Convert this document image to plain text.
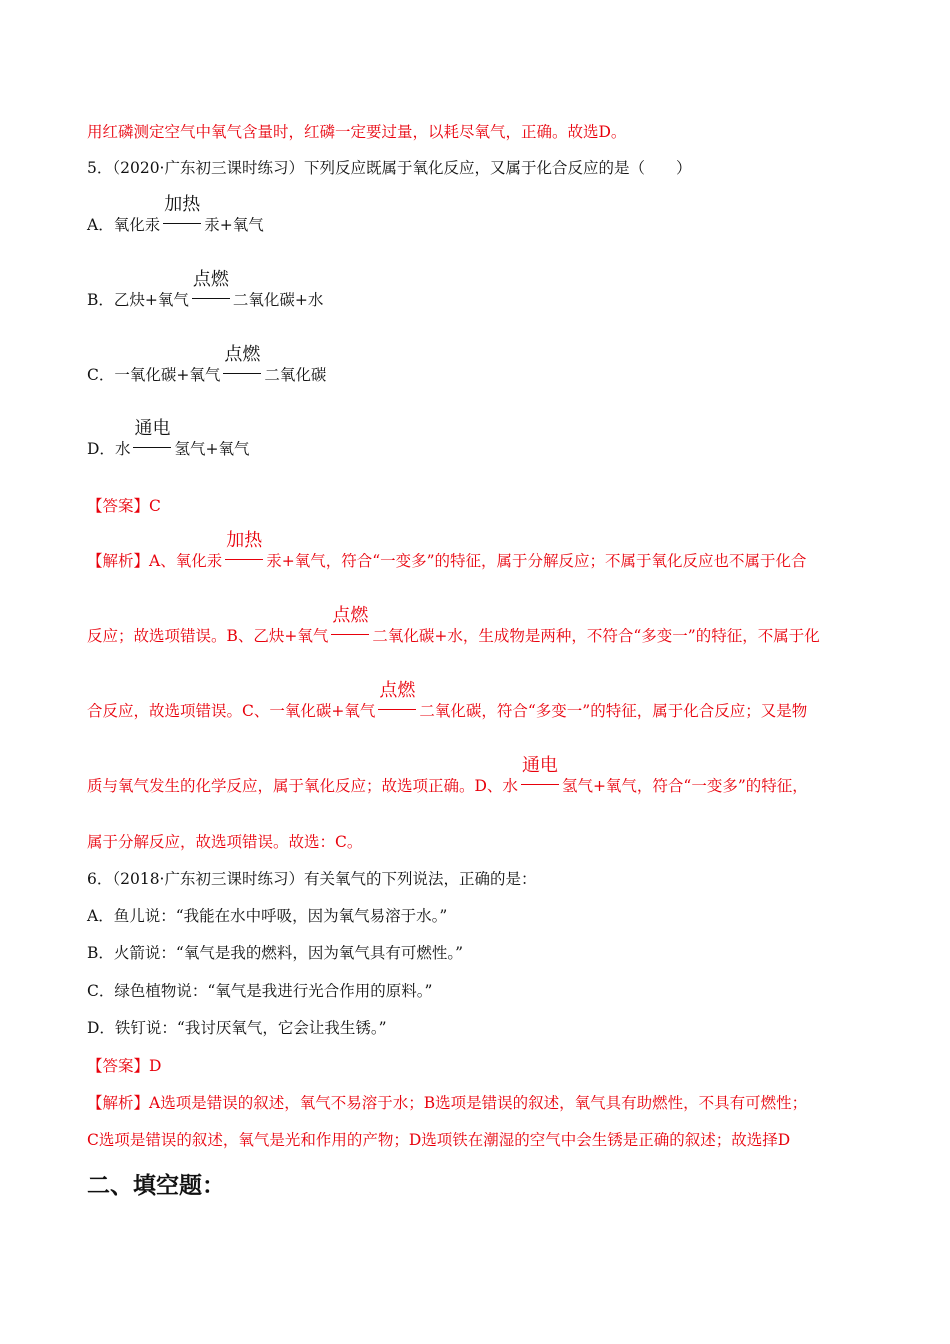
用红磷测定空气中氧气含量时，红磷一定要过量，以耗尽氧气，正确。故选D。
5．（2020·广东初三课时练习）下列反应既属于氧化反应，又属于化合反应的是（　　）
A．氧化汞
加热
汞+氧气
B．乙炔+氧气
点燃
二氧化碳+水
C．一氧化碳+氧气
点燃
二氧化碳
D．水
通电
氢气+氧气
【答案】C
【解析】A、氧化汞
加热
汞+氧气，符合“一变多”的特征，属于分解反应；不属于氧化反应也不属于化合
反应；故选项错误。B、乙炔+氧气
点燃
二氧化碳+水，生成物是两种，不符合“多变一”的特征，不属于化
合反应，故选项错误。C、一氧化碳+氧气
点燃
二氧化碳，符合“多变一”的特征，属于化合反应；又是物
质与氧气发生的化学反应，属于氧化反应；故选项正确。D、水
通电
氢气+氧气，符合“一变多”的特征，
属于分解反应，故选项错误。故选：C。
6．（2018·广东初三课时练习）有关氧气的下列说法，正确的是：
A．鱼儿说：“我能在水中呼吸，因为氧气易溶于水。”
B．火箭说：“氧气是我的燃料，因为氧气具有可燃性。”
C．绿色植物说：“氧气是我进行光合作用的原料。”
D．铁钉说：“我讨厌氧气，它会让我生锈。”
【答案】D
【解析】A选项是错误的叙述，氧气不易溶于水；B选项是错误的叙述，氧气具有助燃性，不具有可燃性；
C选项是错误的叙述，氧气是光和作用的产物；D选项铁在潮湿的空气中会生锈是正确的叙述；故选择D
二、填空题：
